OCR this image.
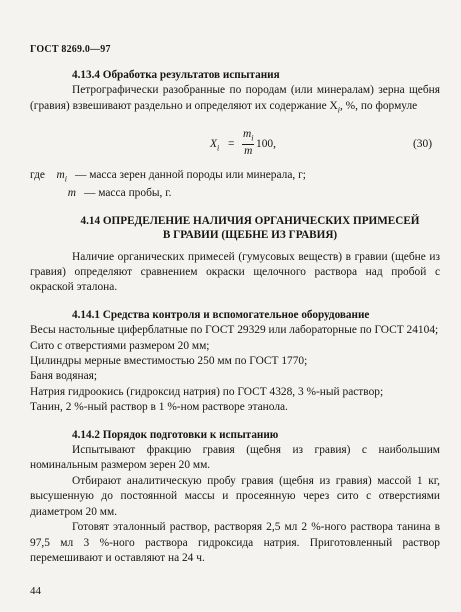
ГОСТ 8269.0—97

4.13.4 Обработка результатов испытания

Петрографически разобранные по породам (или минералам) зерна щебня (гравия) взвешивают раздельно и определяют их содержание $X_i$, %, по формуле

$X_i = \frac{m_i}{m} 100$,	(30)
где	$m_i$ — масса зерен данной породы или минерала, г;
m — масса пробы, г.
4.14 ОПРЕДЕЛЕНИЕ НАЛИЧИЯ ОРГАНИЧЕСКИХ ПРИМЕСЕЙ
В ГРАВИИ (ЩЕБНЕ ИЗ ГРАВИЯ)

Наличие органических примесей (гумусовых веществ) в гравии (щебне из гравия) определяют сравнением окраски щелочного раствора над пробой с окраской эталона.

4.14.1 Средства контроля и вспомогательное оборудование

Весы настольные циферблатные по ГОСТ 29329 или лабораторные по ГОСТ 24104;

Сито с отверстиями размером 20 мм;

Цилиндры мерные вместимостью 250 мм по ГОСТ 1770;

Баня водяная;

Натрия гидроокись (гидроксид натрия) по ГОСТ 4328, 3 %-ный раствор;

Танин, 2 %-ный раствор в 1 %-ном растворе этанола.

4.14.2 Порядок подготовки к испытанию

Испытывают фракцию гравия (щебня из гравия) с наибольшим номинальным размером зерен 20 мм.

Отбирают аналитическую пробу гравия (щебня из гравия) массой 1 кг, высушенную до постоянной массы и просеянную через сито с отверстиями диаметром 20 мм.

Готовят эталонный раствор, растворяя 2,5 мл 2 %-ного раствора танина в 97,5 мл 3 %-ного раствора гидроксида натрия. Приготовленный раствор перемешивают и оставляют на 24 ч.

44
